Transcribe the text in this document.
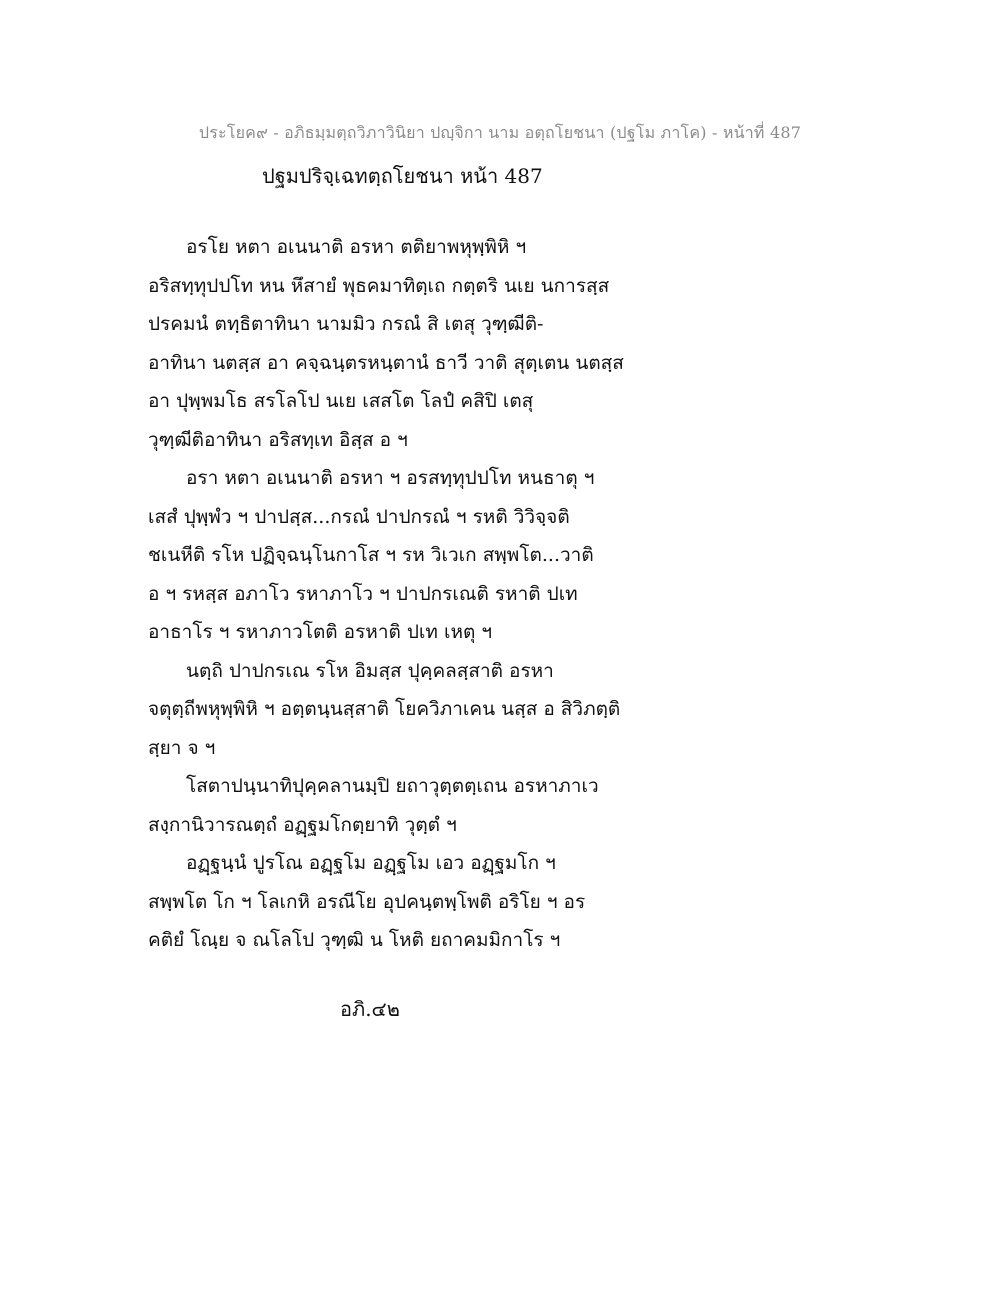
ประโยค๙ - อภิธมฺมตฺถวิภาวินิยา ปญฺจิกา นาม อตฺถโยชนา (ปฐโม ภาโค) - หน้าที่ 487
ปฐมปริจฺเฉทตฺถโยชนา หน้า 487
อรโย หตา อเนนาติ อรหา ตติยาพหุพฺพิหิ ฯ
อริสทฺทุปปโท หน หึสายํ พุธคมาทิตฺเถ กตฺตริ นเย นการสฺส
ปรคมนํ ตทฺธิตาทินา นามมิว กรณํ สิ เตสุ วุฑฺฒีติ-
อาทินา นตสฺส อา คจฺฉนฺตรหนฺตานํ ธาวี วาติ สุตฺเตน นตสฺส
อา ปุพฺพมโธ สรโลโป นเย เสสโต โลปํ คสิปิ เตสุ
วุฑฺฒีติอาทินา อริสทฺเท อิสฺส อ ฯ
อรา หตา อเนนาติ อรหา ฯ อรสทฺทุปปโท หนธาตุ ฯ
เสสํ ปุพฺพํว ฯ ปาปสฺส...กรณํ ปาปกรณํ ฯ รหติ วิวิจฺจติ
ชเนหีติ รโห ปฏิจฺฉนฺโนกาโส ฯ รห วิเวเก สพฺพโต...วาติ
อ ฯ รหสฺส อภาโว รหาภาโว ฯ ปาปกรเณติ รหาติ ปเท
อาธาโร ฯ รหาภาวโตติ อรหาติ ปเท เหตุ ฯ
นตฺถิ ปาปกรเณ รโห อิมสฺส ปุคฺคลสฺสาติ อรหา
จตุตฺถีพหุพฺพิหิ ฯ อตฺตนฺนสฺสาติ โยควิภาเคน นสฺส อ สิวิภตฺติ
สฺยา จ ฯ
โสตาปนฺนาทิปุคฺคลานมฺปิ ยถาวุตฺตตฺเถน อรหาภาเว
สงฺกานิวารณตฺถํ อฏฺฐมโกตฺยาทิ วุตฺตํ ฯ
อฏฺฐนฺนํ ปูรโณ อฏฺฐโม อฏฺฐโม เอว อฏฺฐมโก ฯ
สพฺพโต โก ฯ โลเกหิ อรณีโย อุปคนฺตพฺโพติ อริโย ฯ อร
คติยํ โณฺย จ ณโลโป วุฑฺฒิ น โหติ ยถาคมมิกาโร ฯ
อภิ.๔๒
